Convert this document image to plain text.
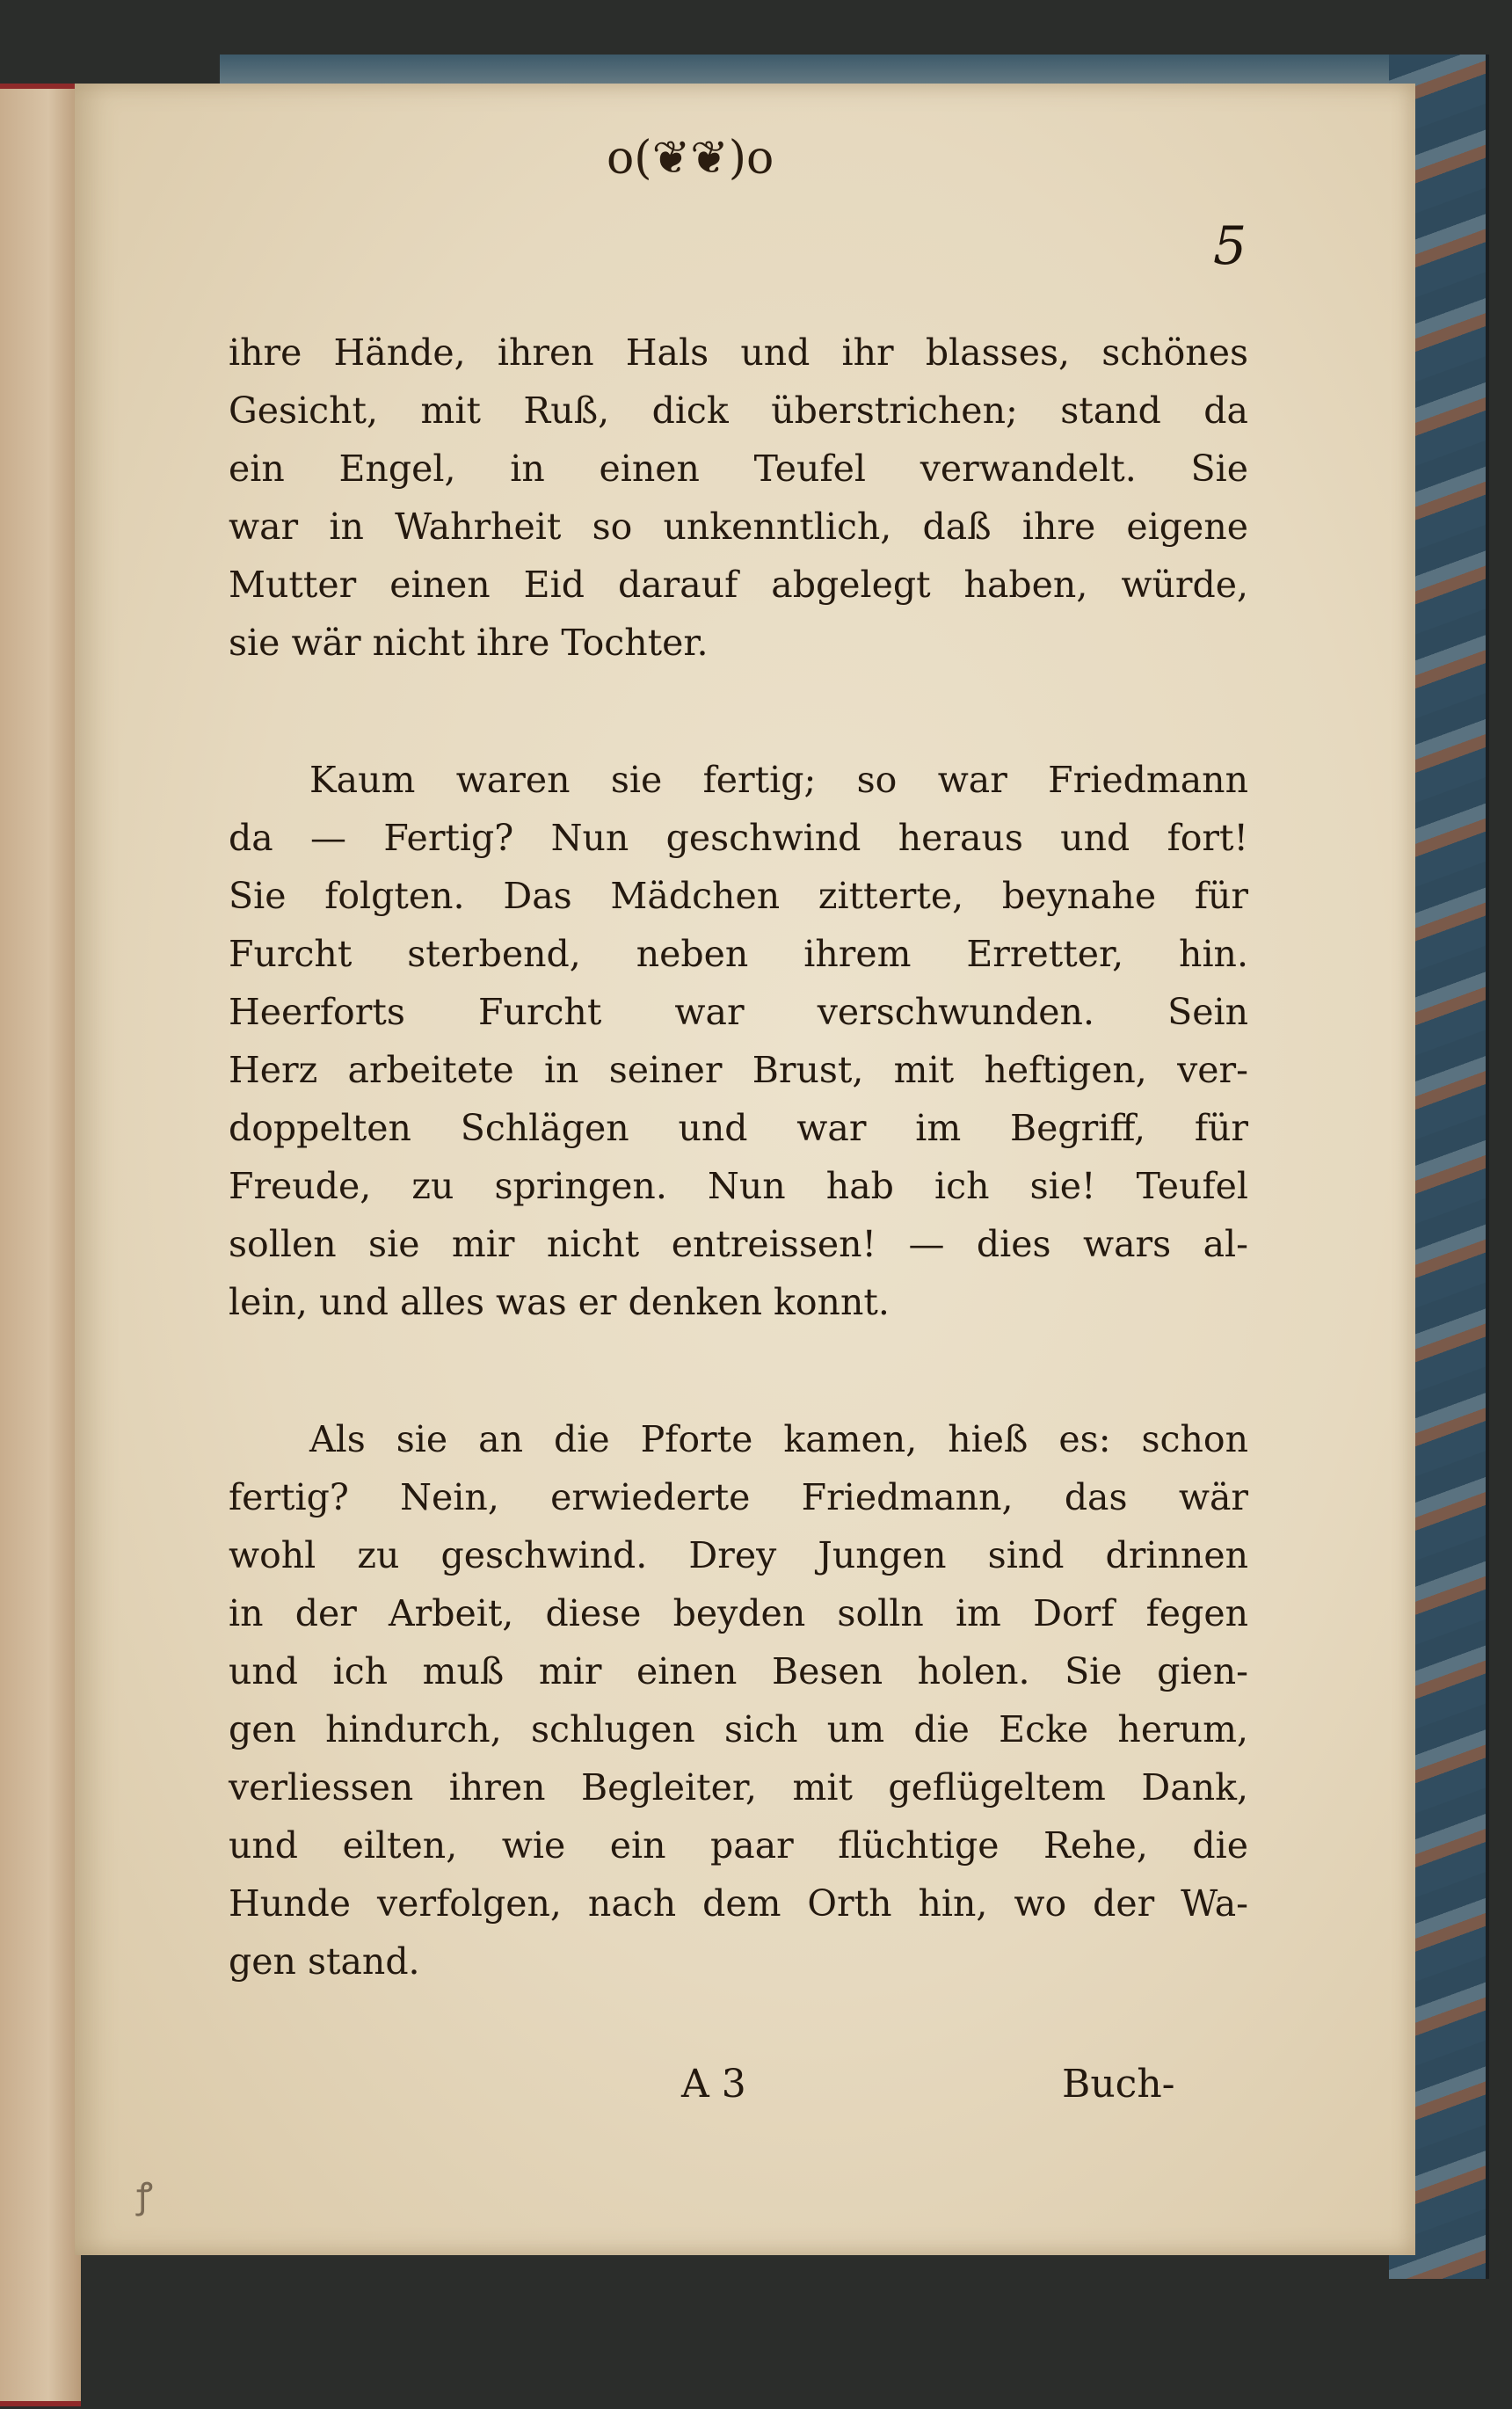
o(❦❦)o
5
ihre Hände, ihren Hals und ihr blasses, schönes
Gesicht, mit Ruß, dick überstrichen; stand da
ein Engel, in einen Teufel verwandelt. Sie
war in Wahrheit so unkenntlich, daß ihre eigene
Mutter einen Eid darauf abgelegt haben, würde,
sie wär nicht ihre Tochter.
Kaum waren sie fertig; so war Friedmann
da — Fertig? Nun geschwind heraus und fort!
Sie folgten. Das Mädchen zitterte, beynahe für
Furcht sterbend, neben ihrem Erretter, hin.
Heerforts Furcht war verschwunden. Sein
Herz arbeitete in seiner Brust, mit heftigen, ver-
doppelten Schlägen und war im Begriff, für
Freude, zu springen. Nun hab ich sie! Teufel
sollen sie mir nicht entreissen! — dies wars al-
lein, und alles was er denken konnt.
Als sie an die Pforte kamen, hieß es: schon
fertig? Nein, erwiederte Friedmann, das wär
wohl zu geschwind. Drey Jungen sind drinnen
in der Arbeit, diese beyden solln im Dorf fegen
und ich muß mir einen Besen holen. Sie gien-
gen hindurch, schlugen sich um die Ecke herum,
verliessen ihren Begleiter, mit geflügeltem Dank,
und eilten, wie ein paar flüchtige Rehe, die
Hunde verfolgen, nach dem Orth hin, wo der Wa-
gen stand.
A 3	Buch-
ꝭ
